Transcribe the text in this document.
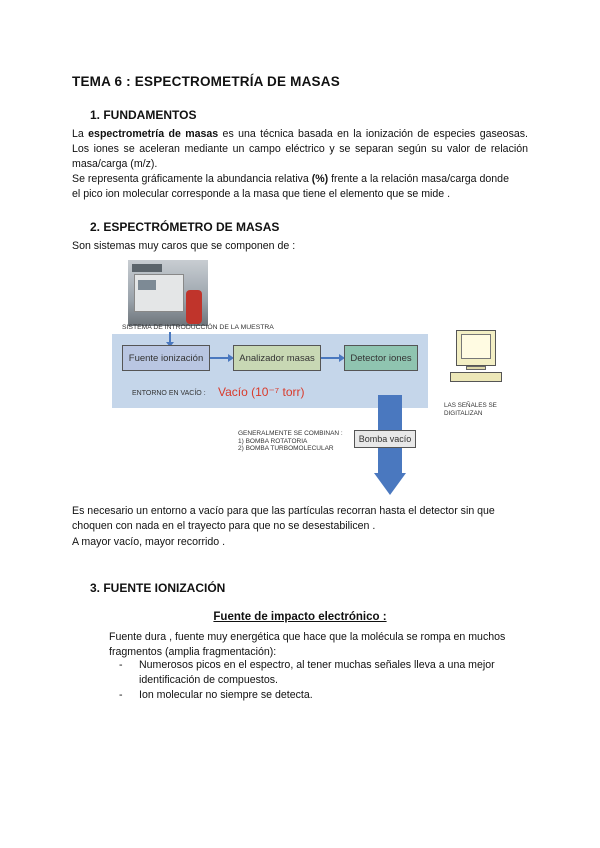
TEMA 6 : ESPECTROMETRÍA DE MASAS
1. FUNDAMENTOS
La espectrometría de masas es una técnica basada en la ionización de especies gaseosas. Los iones se aceleran mediante un campo eléctrico y se separan según su valor de relación masa/carga (m/z).
Se representa gráficamente la abundancia relativa (%) frente a la relación masa/carga donde el pico ion molecular corresponde a la masa que tiene el elemento que se mide .
2. ESPECTRÓMETRO DE MASAS
Son sistemas muy caros que se componen de :
SISTEMA DE INTRODUCCIÓN DE LA MUESTRA
Fuente ionización	Analizador masas	Detector iones
ENTORNO EN VACÍO : Vacío (10⁻⁷ torr)
GENERALMENTE SE COMBINAN :
1) BOMBA ROTATORIA
2) BOMBA TURBOMOLECULAR
Bomba vacío
LAS SEÑALES SE
DIGITALIZAN
Es necesario un entorno a vacío para que las partículas recorran hasta el detector sin que choquen con nada en el trayecto para que no se desestabilicen .
A mayor vacío, mayor recorrido .
3. FUENTE IONIZACIÓN
Fuente de impacto electrónico :
Fuente dura , fuente muy energética que hace que la molécula se rompa en muchos fragmentos (amplia fragmentación):
- Numerosos picos en el espectro, al tener muchas señales lleva a una mejor identificación de compuestos.
- Ion molecular no siempre se detecta.
